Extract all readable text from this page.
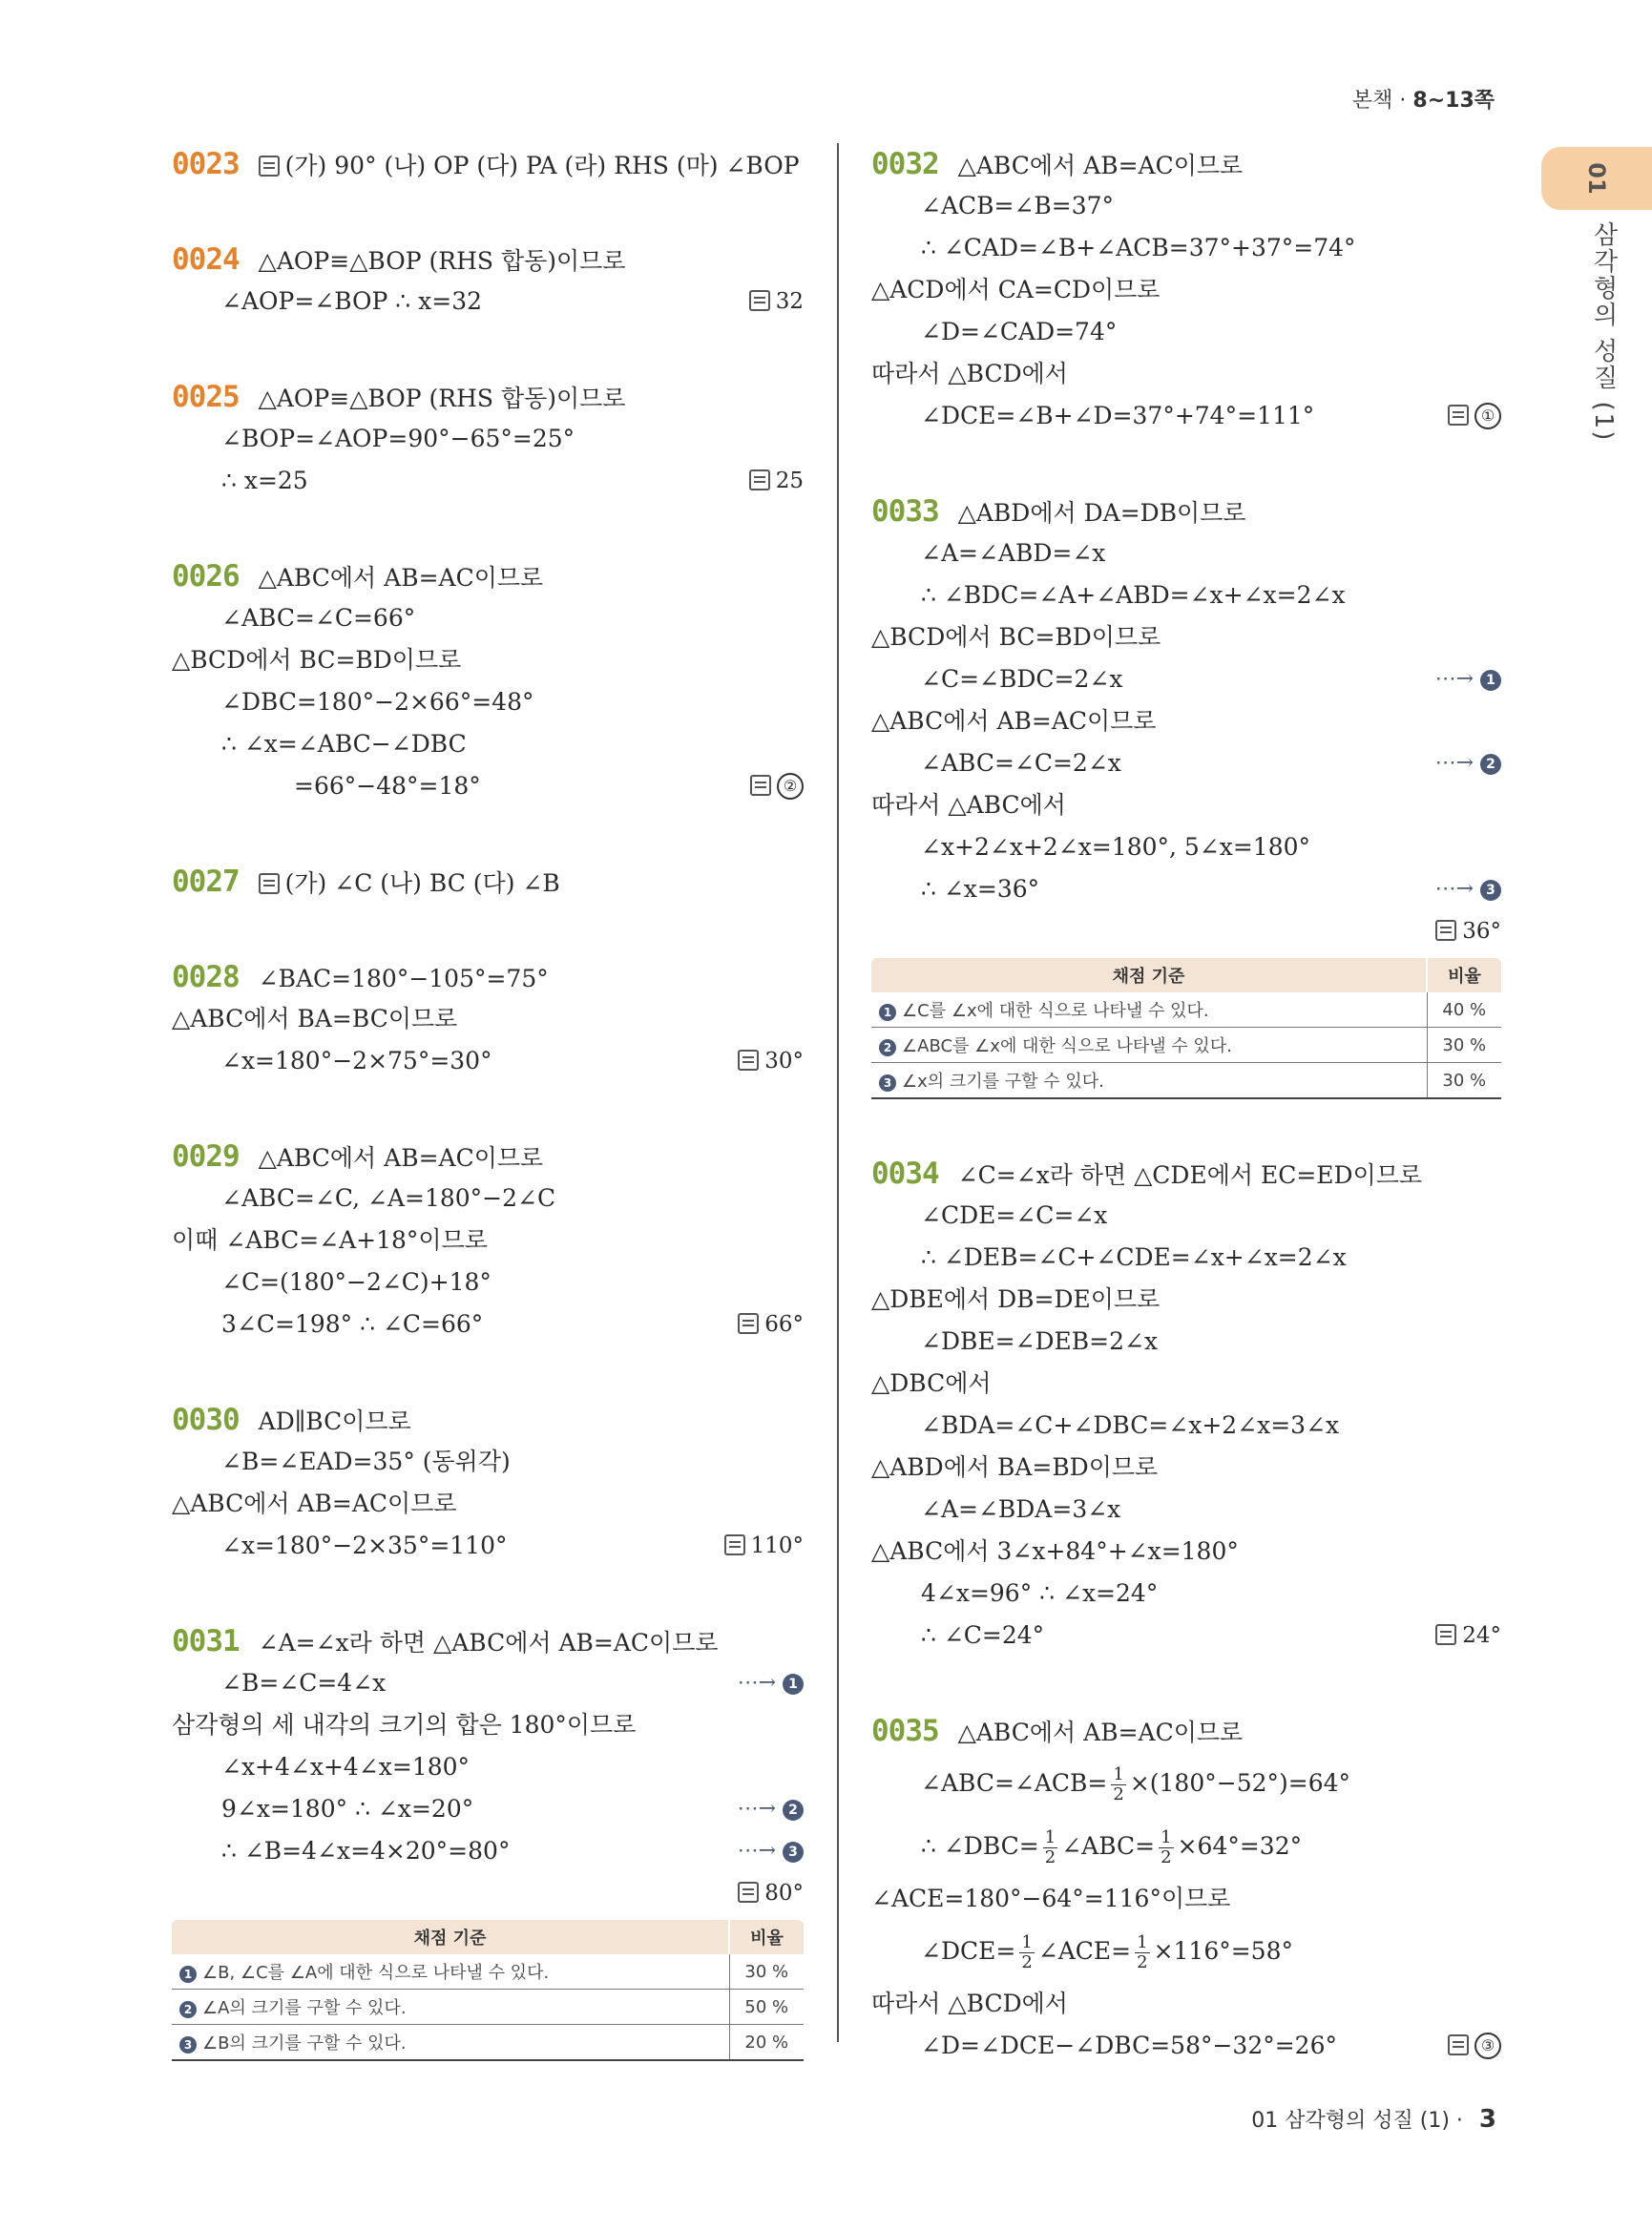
본책 · 8~13쪽
01
삼각형의 성질 (1)
0023 (가) 90° (나) OP (다) PA (라) RHS (마) ∠BOP
0024 △AOP≡△BOP (RHS 합동)이므로
∠AOP=∠BOP ∴ x=32	32
0025 △AOP≡△BOP (RHS 합동)이므로
∠BOP=∠AOP=90°−65°=25°
∴ x=25	25
0026 △ABC에서 AB=AC이므로
∠ABC=∠C=66°
△BCD에서 BC=BD이므로
∠DBC=180°−2×66°=48°
∴ ∠x=∠ABC−∠DBC
=66°−48°=18°	②
0027 (가) ∠C (나) BC (다) ∠B
0028 ∠BAC=180°−105°=75°
△ABC에서 BA=BC이므로
∠x=180°−2×75°=30°	30°
0029 △ABC에서 AB=AC이므로
∠ABC=∠C, ∠A=180°−2∠C
이때 ∠ABC=∠A+18°이므로
∠C=(180°−2∠C)+18°
3∠C=198° ∴ ∠C=66°	66°
0030 AD∥BC이므로
∠B=∠EAD=35° (동위각)
△ABC에서 AB=AC이므로
∠x=180°−2×35°=110°	110°
0031 ∠A=∠x라 하면 △ABC에서 AB=AC이므로
∠B=∠C=4∠x	⋯→ 1
삼각형의 세 내각의 크기의 합은 180°이므로
∠x+4∠x+4∠x=180°
9∠x=180° ∴ ∠x=20°	⋯→ 2
∴ ∠B=4∠x=4×20°=80°	⋯→ 3
80°
채점 기준	비율
1 ∠B, ∠C를 ∠A에 대한 식으로 나타낼 수 있다.	30 %
2 ∠A의 크기를 구할 수 있다.	50 %
3 ∠B의 크기를 구할 수 있다.	20 %
0032 △ABC에서 AB=AC이므로
∠ACB=∠B=37°
∴ ∠CAD=∠B+∠ACB=37°+37°=74°
△ACD에서 CA=CD이므로
∠D=∠CAD=74°
따라서 △BCD에서
∠DCE=∠B+∠D=37°+74°=111°	①
0033 △ABD에서 DA=DB이므로
∠A=∠ABD=∠x
∴ ∠BDC=∠A+∠ABD=∠x+∠x=2∠x
△BCD에서 BC=BD이므로
∠C=∠BDC=2∠x	⋯→ 1
△ABC에서 AB=AC이므로
∠ABC=∠C=2∠x	⋯→ 2
따라서 △ABC에서
∠x+2∠x+2∠x=180°, 5∠x=180°
∴ ∠x=36°	⋯→ 3
36°
채점 기준	비율
1 ∠C를 ∠x에 대한 식으로 나타낼 수 있다.	40 %
2 ∠ABC를 ∠x에 대한 식으로 나타낼 수 있다.	30 %
3 ∠x의 크기를 구할 수 있다.	30 %
0034 ∠C=∠x라 하면 △CDE에서 EC=ED이므로
∠CDE=∠C=∠x
∴ ∠DEB=∠C+∠CDE=∠x+∠x=2∠x
△DBE에서 DB=DE이므로
∠DBE=∠DEB=2∠x
△DBC에서
∠BDA=∠C+∠DBC=∠x+2∠x=3∠x
△ABD에서 BA=BD이므로
∠A=∠BDA=3∠x
△ABC에서 3∠x+84°+∠x=180°
4∠x=96° ∴ ∠x=24°
∴ ∠C=24°	24°
0035 △ABC에서 AB=AC이므로
∠ABC=∠ACB= $\frac{1}{2} \times(180^\circ-52^\circ)=64^\circ$
∴ ∠DBC= $\frac{1}{2}$ ∠ABC= $\frac{1}{2} \times 64^\circ=32^\circ$
∠ACE=180°−64°=116°이므로
∠DCE= $\frac{1}{2}$ ∠ACE= $\frac{1}{2} \times 116^\circ=58^\circ$
따라서 △BCD에서
∠D=∠DCE−∠DBC=58°−32°=26°	③
01 삼각형의 성질 (1) · 3
